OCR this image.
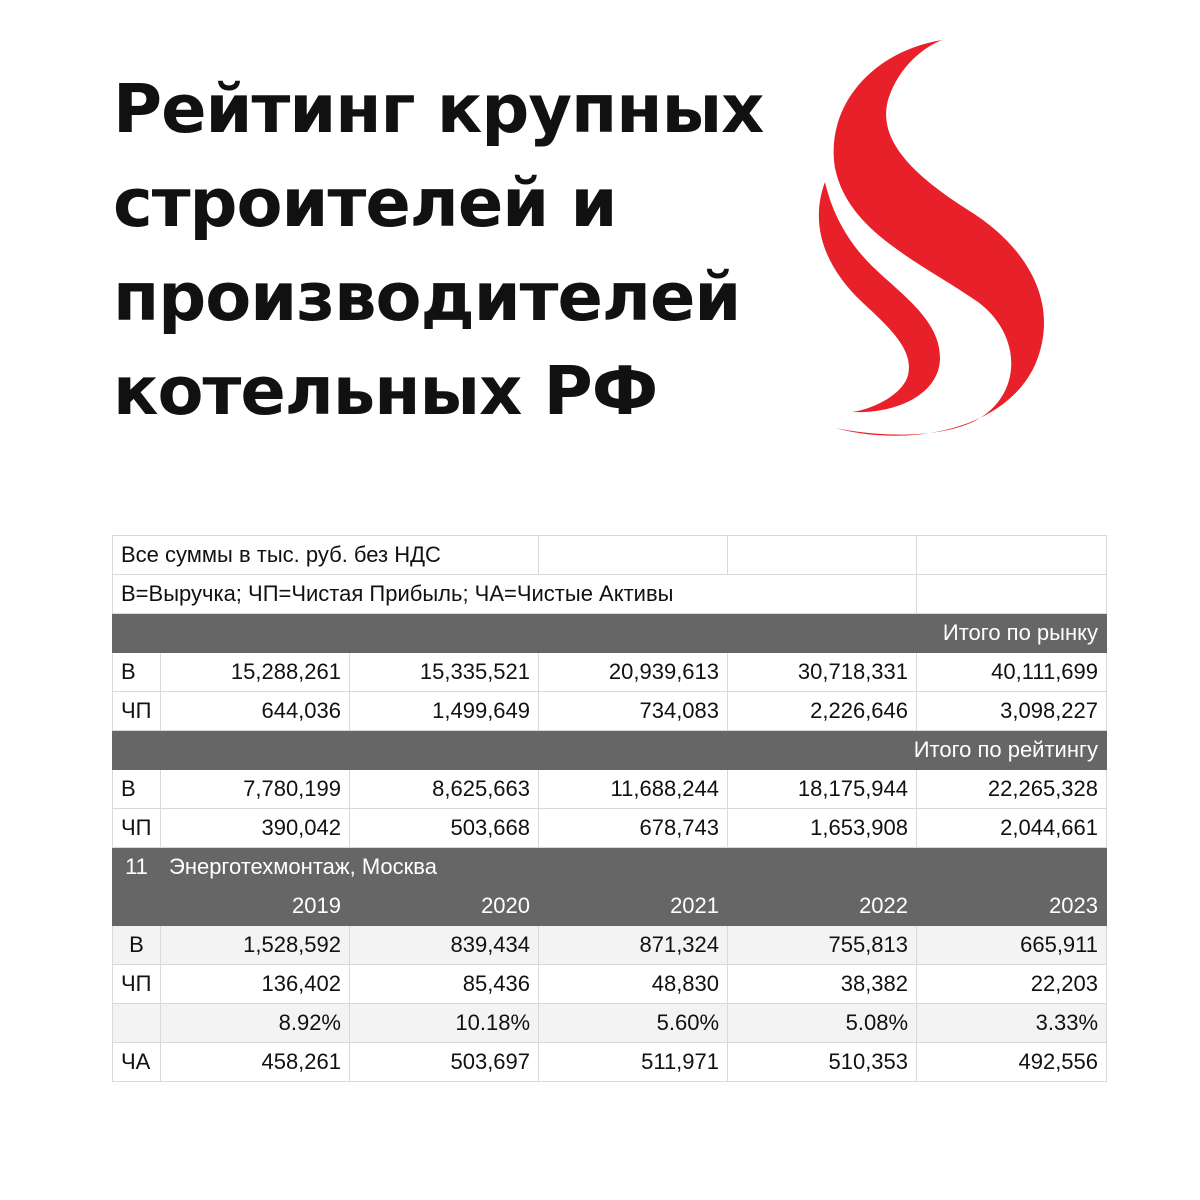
Рейтинг крупных
строителей и
производителей
котельных РФ
Все суммы в тыс. руб. без НДС					
В=Выручка; ЧП=Чистая Прибыль; ЧА=Чистые Активы					
Итого по рынку					
В	15,288,261	15,335,521	20,939,613	30,718,331	40,111,699
ЧП	644,036	1,499,649	734,083	2,226,646	3,098,227
Итого по рейтингу					
В	7,780,199	8,625,663	11,688,244	18,175,944	22,265,328
ЧП	390,042	503,668	678,743	1,653,908	2,044,661
11	Энерготехмонтаж, Москва				
	2019	2020	2021	2022	2023
В	1,528,592	839,434	871,324	755,813	665,911
ЧП	136,402	85,436	48,830	38,382	22,203
	8.92%	10.18%	5.60%	5.08%	3.33%
ЧА	458,261	503,697	511,971	510,353	492,556
